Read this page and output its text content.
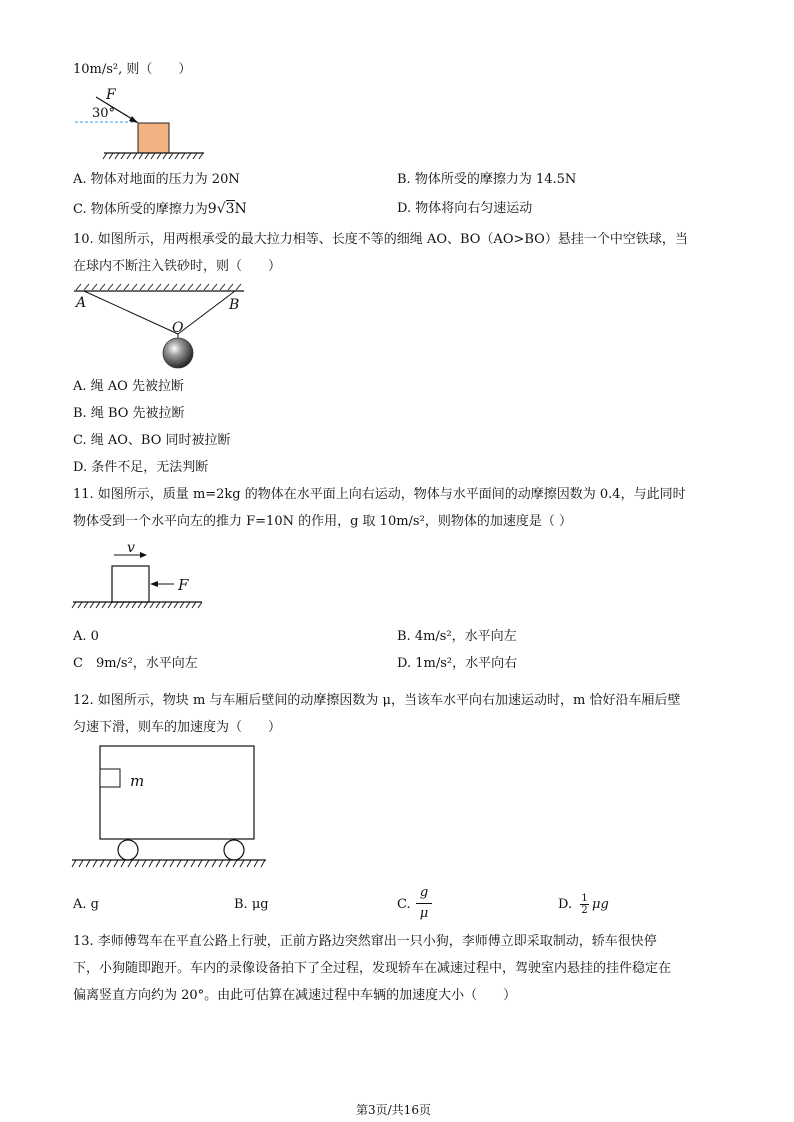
10m/s², 则（　　）
F
30°
A. 物体对地面的压力为 20N	B. 物体所受的摩擦力为 14.5N
C. 物体所受的摩擦力为9√3N	D. 物体将向右匀速运动
10. 如图所示，用两根承受的最大拉力相等、长度不等的细绳 AO、BO（AO>BO）悬挂一个中空铁球，当
在球内不断注入铁砂时，则（　　）
A	B
O
A. 绳 AO 先被拉断
B. 绳 BO 先被拉断
C. 绳 AO、BO 同时被拉断
D. 条件不足，无法判断
11. 如图所示，质量 m=2kg 的物体在水平面上向右运动，物体与水平面间的动摩擦因数为 0.4，与此同时
物体受到一个水平向左的推力 F=10N 的作用，g 取 10m/s²，则物体的加速度是（ ）
v
F
A. 0	B. 4m/s²，水平向左
C　9m/s²，水平向左	D. 1m/s²，水平向右
12. 如图所示，物块 m 与车厢后壁间的动摩擦因数为 μ，当该车水平向右加速运动时，m 恰好沿车厢后壁
匀速下滑，则车的加速度为（　　）
m
A. g	B. μg	C. $\frac{g}{\mu}$	D. $\frac{1}{2}$ μg
13. 李师傅驾车在平直公路上行驶，正前方路边突然窜出一只小狗，李师傅立即采取制动，轿车很快停
下，小狗随即跑开。车内的录像设备拍下了全过程，发现轿车在减速过程中，驾驶室内悬挂的挂件稳定在
偏离竖直方向约为 20°。由此可估算在减速过程中车辆的加速度大小（　　）
第3页/共16页
